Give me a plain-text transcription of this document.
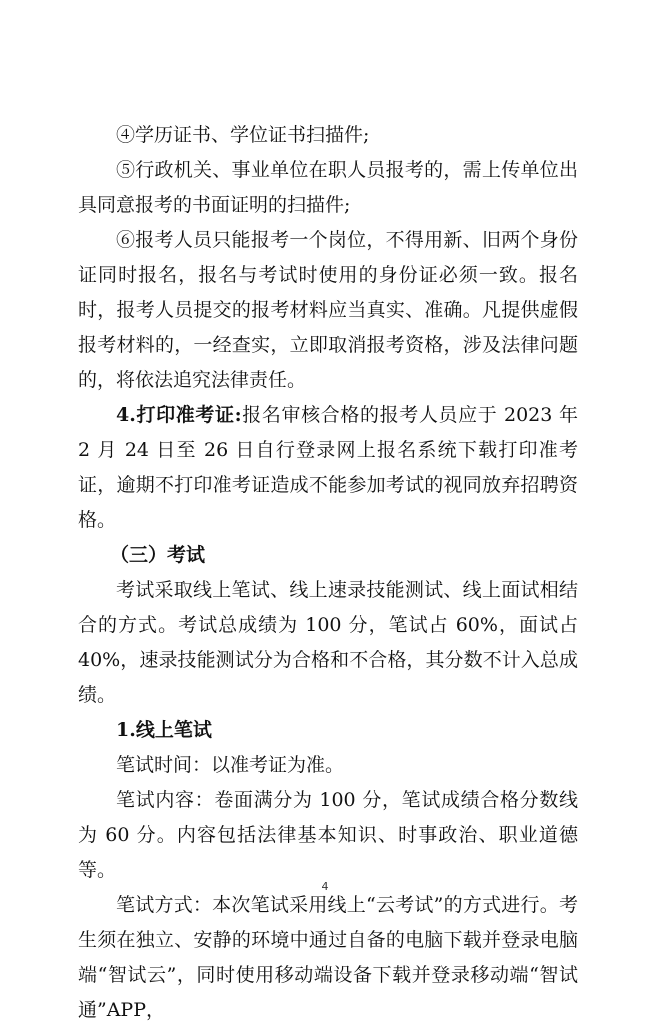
④学历证书、学位证书扫描件;

⑤行政机关、事业单位在职人员报考的，需上传单位出具同意报考的书面证明的扫描件;

⑥报考人员只能报考一个岗位，不得用新、旧两个身份证同时报名，报名与考试时使用的身份证必须一致。报名时，报考人员提交的报考材料应当真实、准确。凡提供虚假报考材料的，一经查实，立即取消报考资格，涉及法律问题的，将依法追究法律责任。

4.打印准考证:报名审核合格的报考人员应于 2023 年 2 月 24 日至 26 日自行登录网上报名系统下载打印准考证，逾期不打印准考证造成不能参加考试的视同放弃招聘资格。

（三）考试

考试采取线上笔试、线上速录技能测试、线上面试相结合的方式。考试总成绩为 100 分，笔试占 60%，面试占 40%，速录技能测试分为合格和不合格，其分数不计入总成绩。

1.线上笔试

笔试时间：以准考证为准。

笔试内容：卷面满分为 100 分，笔试成绩合格分数线为 60 分。内容包括法律基本知识、时事政治、职业道德等。

笔试方式：本次笔试采用线上“云考试”的方式进行。考生须在独立、安静的环境中通过自备的电脑下载并登录电脑端“智试云”，同时使用移动端设备下载并登录移动端“智试通”APP，

4
